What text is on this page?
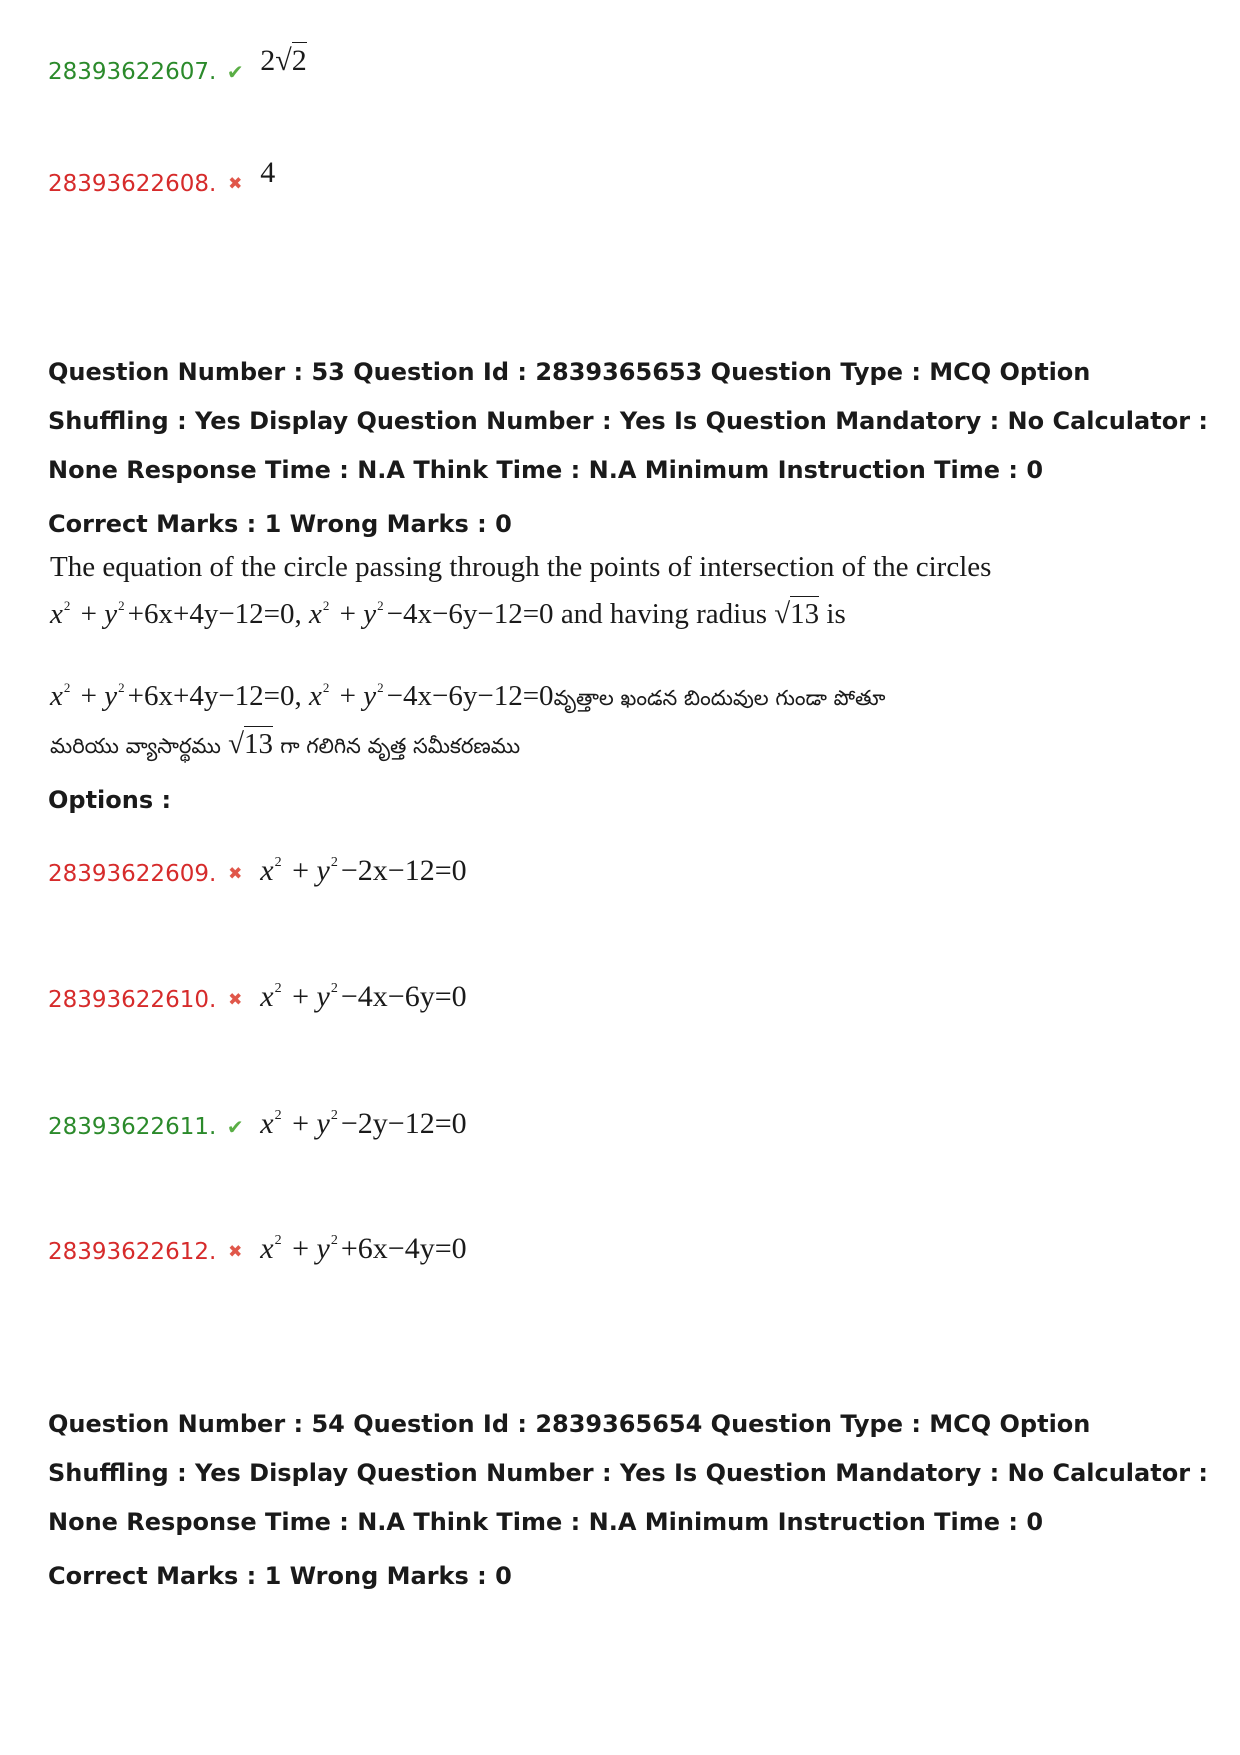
28393622607. ✔ 2√2
28393622608. ✖ 4
Question Number : 53 Question Id : 2839365653 Question Type : MCQ Option Shuffling : Yes Display Question Number : Yes Is Question Mandatory : No Calculator : None Response Time : N.A Think Time : N.A Minimum Instruction Time : 0
Correct Marks : 1 Wrong Marks : 0
The equation of the circle passing through the points of intersection of the circles
$x^2 + y^2 +6x+4y-12=0$, $x^2 + y^2 -4x-6y-12=0$ and having radius √13 is
$x^2 + y^2 +6x+4y-12=0$, $x^2 + y^2$ −4x−6y−12=0వృత్తాల ఖండన బిందువుల గుండా పోతూ
మరియు వ్యాసార్థము √13 గా గలిగిన వృత్త సమీకరణము
Options :
28393622609. ✖ $x^2 + y^2 -2x-12=0$
28393622610. ✖ $x^2 + y^2 -4x-6y=0$
28393622611. ✔ $x^2 + y^2 -2y-12=0$
28393622612. ✖ $x^2 + y^2 +6x-4y=0$
Question Number : 54 Question Id : 2839365654 Question Type : MCQ Option Shuffling : Yes Display Question Number : Yes Is Question Mandatory : No Calculator : None Response Time : N.A Think Time : N.A Minimum Instruction Time : 0
Correct Marks : 1 Wrong Marks : 0
